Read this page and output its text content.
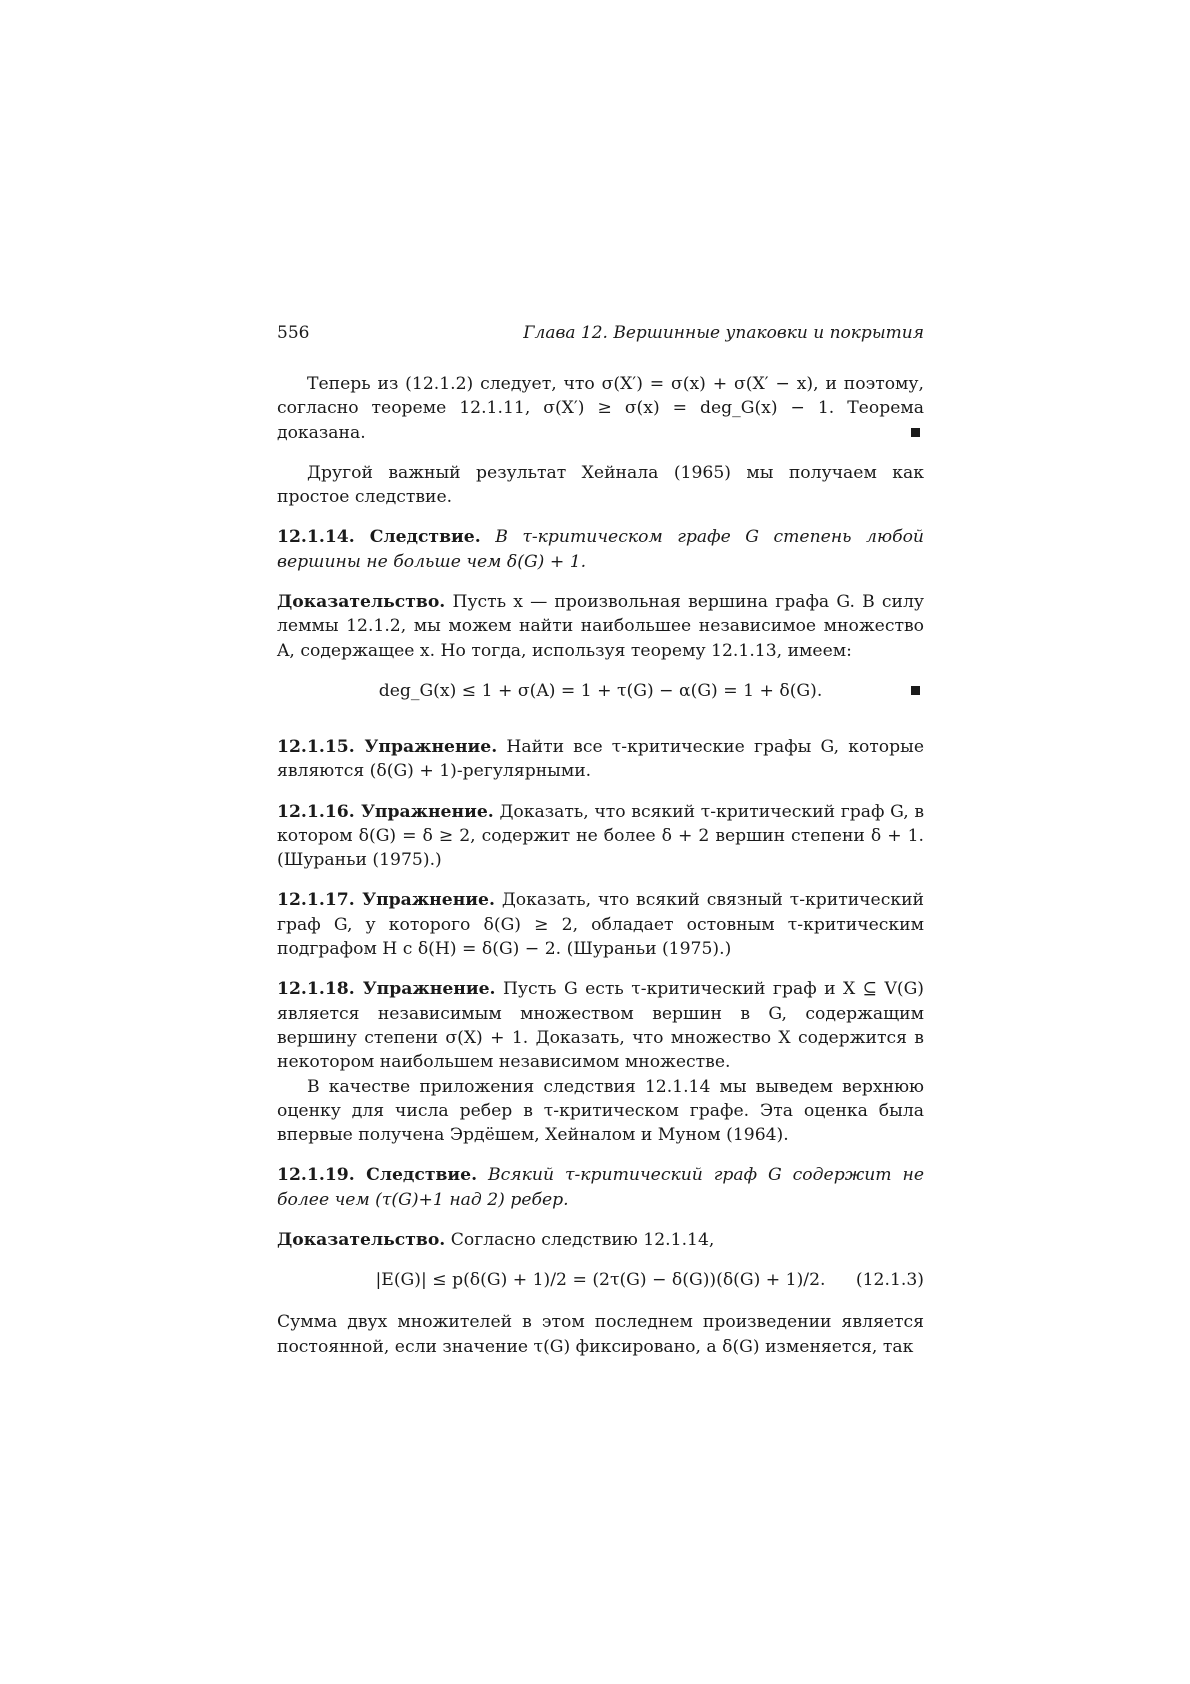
556	Глава 12. Вершинные упаковки и покрытия

Теперь из (12.1.2) следует, что σ(X′) = σ(x) + σ(X′ − x), и поэтому, согласно теореме 12.1.11, σ(X′) ≥ σ(x) = deg_G(x) − 1. Теорема доказана.

Другой важный результат Хейнала (1965) мы получаем как простое следствие.

12.1.14. Следствие. В τ-критическом графе G степень любой вершины не больше чем δ(G) + 1.

Доказательство. Пусть x — произвольная вершина графа G. В силу леммы 12.1.2, мы можем найти наибольшее независимое множество A, содержащее x. Но тогда, используя теорему 12.1.13, имеем:

deg_G(x) ≤ 1 + σ(A) = 1 + τ(G) − α(G) = 1 + δ(G).

12.1.15. Упражнение. Найти все τ-критические графы G, которые являются (δ(G) + 1)-регулярными.

12.1.16. Упражнение. Доказать, что всякий τ-критический граф G, в котором δ(G) = δ ≥ 2, содержит не более δ + 2 вершин степени δ + 1. (Шураньи (1975).)

12.1.17. Упражнение. Доказать, что всякий связный τ-критический граф G, у которого δ(G) ≥ 2, обладает остовным τ-критическим подграфом H с δ(H) = δ(G) − 2. (Шураньи (1975).)

12.1.18. Упражнение. Пусть G есть τ-критический граф и X ⊆ V(G) является независимым множеством вершин в G, содержащим вершину степени σ(X) + 1. Доказать, что множество X содержится в некотором наибольшем независимом множестве.

В качестве приложения следствия 12.1.14 мы выведем верхнюю оценку для числа ребер в τ-критическом графе. Эта оценка была впервые получена Эрдёшем, Хейналом и Муном (1964).

12.1.19. Следствие. Всякий τ-критический граф G содержит не более чем (τ(G)+1 над 2) ребер.

Доказательство. Согласно следствию 12.1.14,

|E(G)| ≤ p(δ(G) + 1)/2 = (2τ(G) − δ(G))(δ(G) + 1)/2. (12.1.3)

Сумма двух множителей в этом последнем произведении является постоянной, если значение τ(G) фиксировано, а δ(G) изменяется, так
